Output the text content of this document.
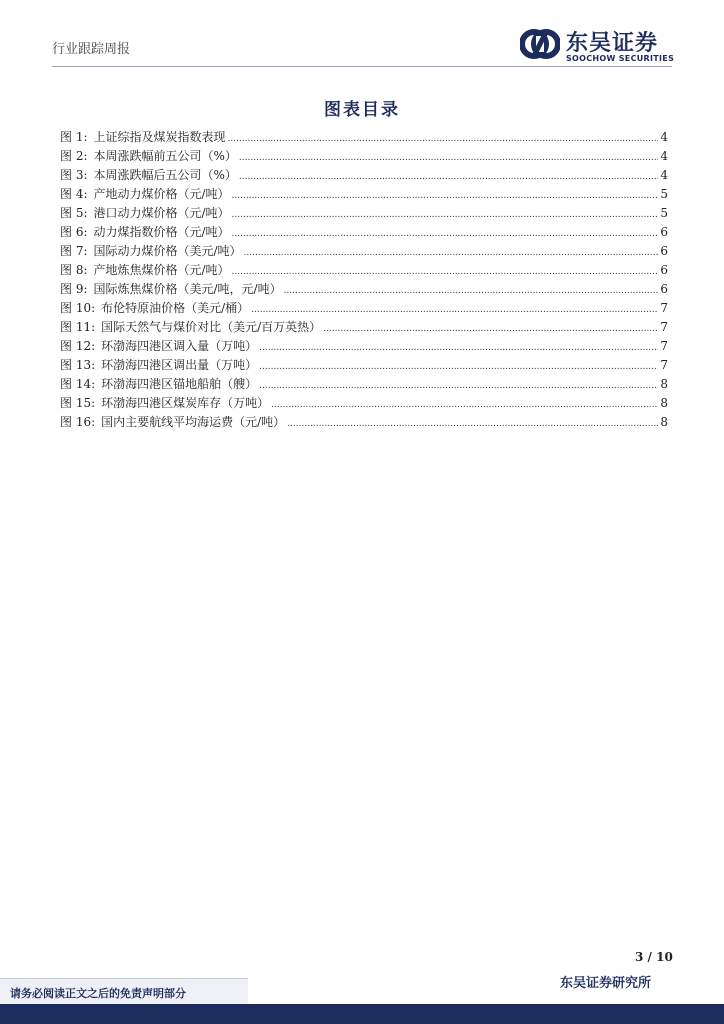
行业跟踪周报	东吴证券
SOOCHOW SECURITIES
图表目录
图 1: 上证综指及煤炭指数表现 .....	4
图 2: 本周涨跌幅前五公司（%） .....	4
图 3: 本周涨跌幅后五公司（%） .....	4
图 4: 产地动力煤价格（元/吨） .....	5
图 5: 港口动力煤价格（元/吨） .....	5
图 6: 动力煤指数价格（元/吨） .....	6
图 7: 国际动力煤价格（美元/吨） .....	6
图 8: 产地炼焦煤价格（元/吨） .....	6
图 9: 国际炼焦煤价格（美元/吨，元/吨） .....	6
图 10: 布伦特原油价格（美元/桶） .....	7
图 11: 国际天然气与煤价对比（美元/百万英热） .....	7
图 12: 环渤海四港区调入量（万吨） .....	7
图 13: 环渤海四港区调出量（万吨） .....	7
图 14: 环渤海四港区锚地船舶（艘） .....	8
图 15: 环渤海四港区煤炭库存（万吨） .....	8
图 16: 国内主要航线平均海运费（元/吨） .....	8
3 / 10
东吴证券研究所
请务必阅读正文之后的免责声明部分
